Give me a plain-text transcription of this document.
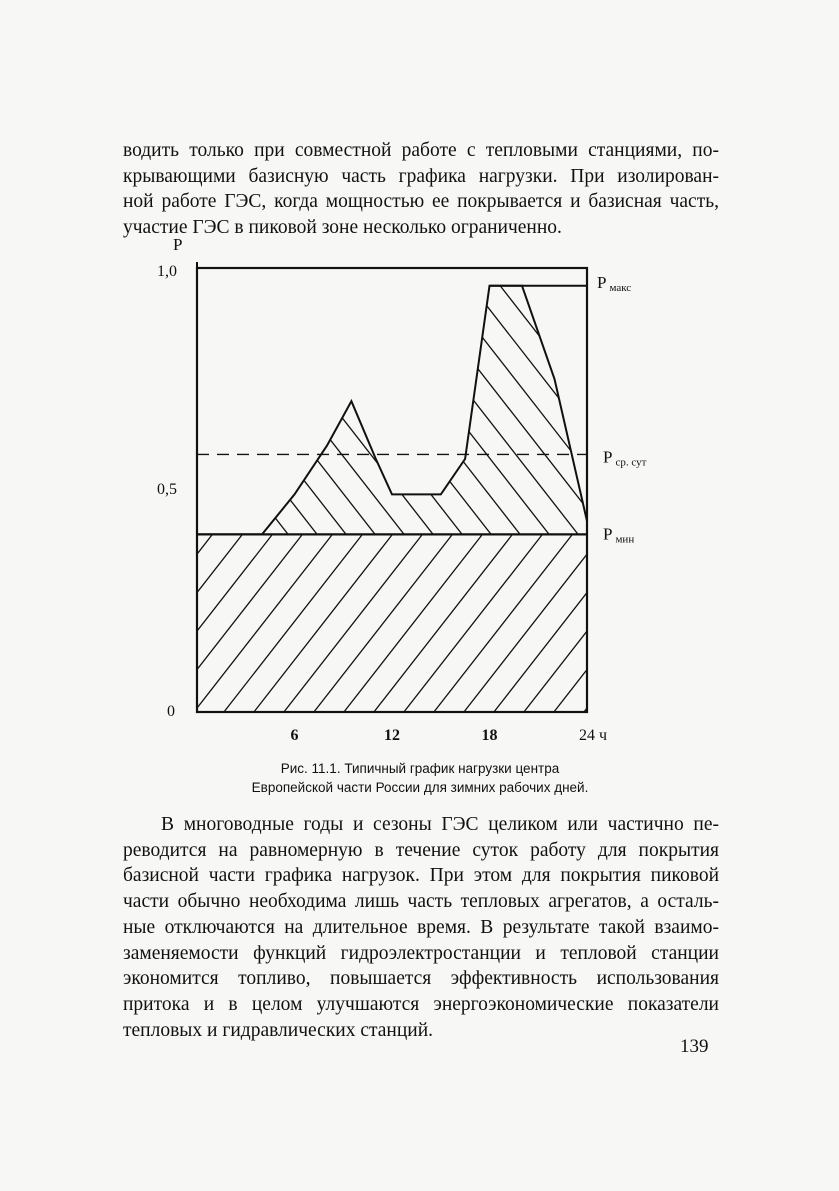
водить только при совместной работе с тепловыми станциями, по-
крывающими базисную часть графика нагрузки. При изолирован-
ной работе ГЭС, когда мощностью ее покрывается и базисная часть,
участие ГЭС в пиковой зоне несколько ограниченно.
P
0
0,5
1,0
6	12	18	24 ч
Pмакс
Pср. сут
Pмин
Рис. 11.1. Типичный график нагрузки центра
Европейской части России для зимних рабочих дней.
В многоводные годы и сезоны ГЭС целиком или частично пе-
реводится на равномерную в течение суток работу для покрытия
базисной части графика нагрузок. При этом для покрытия пиковой
части обычно необходима лишь часть тепловых агрегатов, а осталь-
ные отключаются на длительное время. В результате такой взаимо-
заменяемости функций гидроэлектростанции и тепловой станции
экономится топливо, повышается эффективность использования
притока и в целом улучшаются энергоэкономические показатели
тепловых и гидравлических станций.
139
